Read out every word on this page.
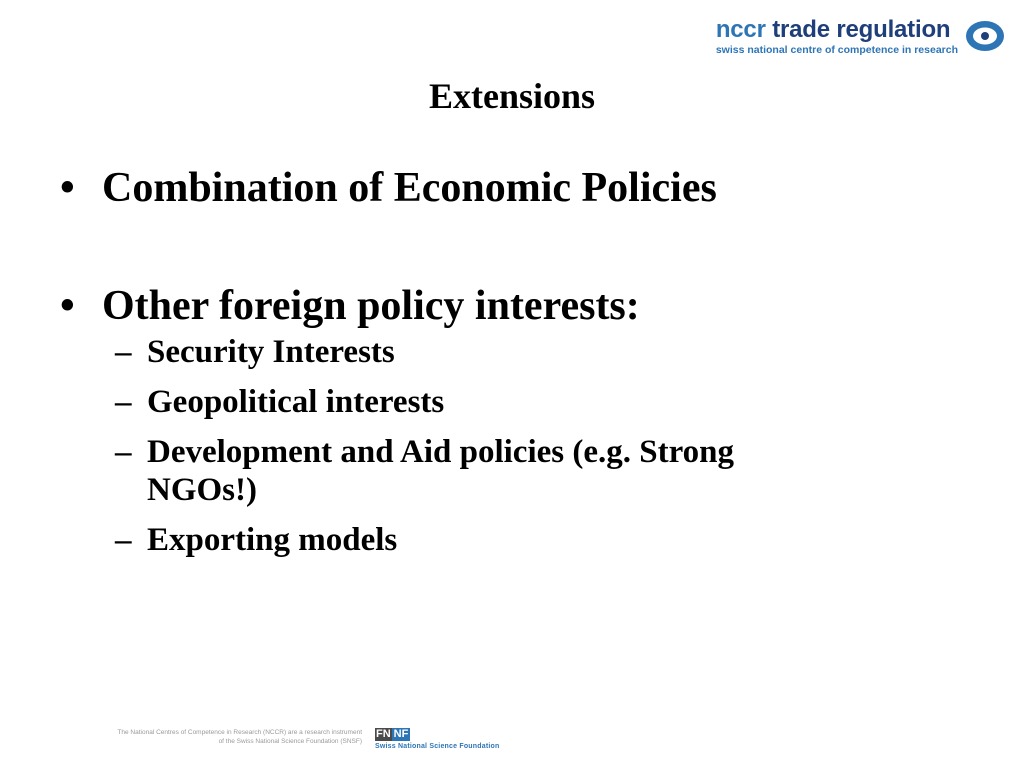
nccr trade regulation
swiss national centre of competence in research
Extensions
• Combination of Economic Policies
• Other foreign policy interests:
– Security Interests
– Geopolitical interests
– Development and Aid policies (e.g. Strong NGOs!)
– Exporting models
The National Centres of Competence in Research (NCCR) are a research instrument
of the Swiss National Science Foundation (SNSF)
FN NF
Swiss National Science Foundation
